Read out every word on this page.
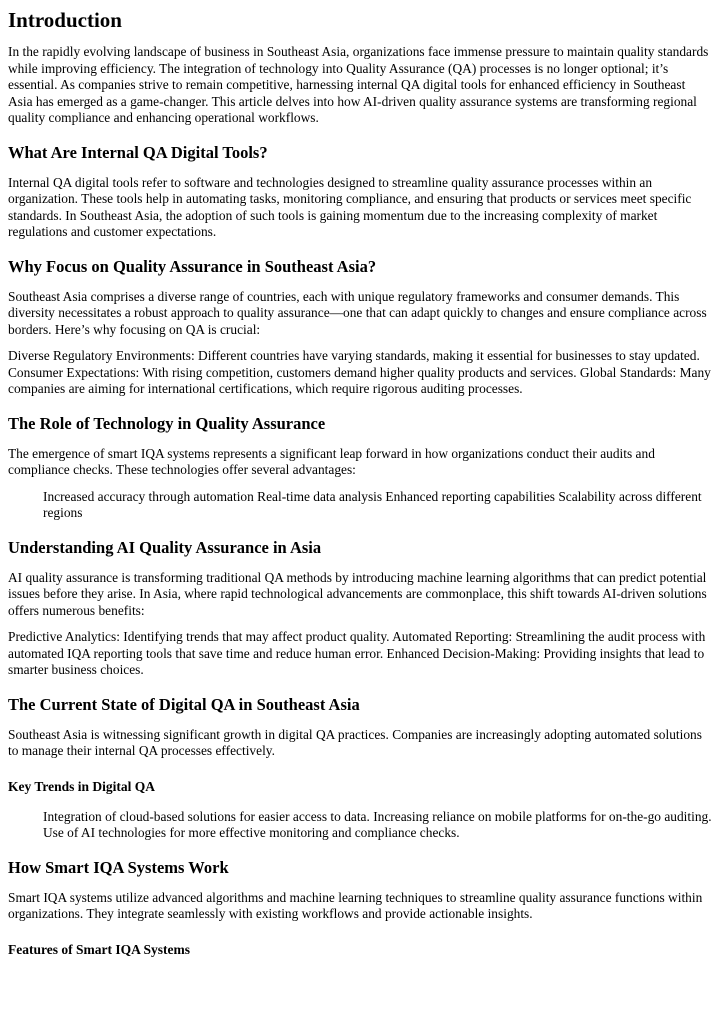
Introduction

In the rapidly evolving landscape of business in Southeast Asia, organizations face immense pressure to maintain quality standards while improving efficiency. The integration of technology into Quality Assurance (QA) processes is no longer optional; it’s essential. As companies strive to remain competitive, harnessing internal QA digital tools for enhanced efficiency in Southeast Asia has emerged as a game-changer. This article delves into how AI-driven quality assurance systems are transforming regional quality compliance and enhancing operational workflows.

What Are Internal QA Digital Tools?

Internal QA digital tools refer to software and technologies designed to streamline quality assurance processes within an organization. These tools help in automating tasks, monitoring compliance, and ensuring that products or services meet specific standards. In Southeast Asia, the adoption of such tools is gaining momentum due to the increasing complexity of market regulations and customer expectations.

Why Focus on Quality Assurance in Southeast Asia?

Southeast Asia comprises a diverse range of countries, each with unique regulatory frameworks and consumer demands. This diversity necessitates a robust approach to quality assurance—one that can adapt quickly to changes and ensure compliance across borders. Here’s why focusing on QA is crucial:

Diverse Regulatory Environments: Different countries have varying standards, making it essential for businesses to stay updated. Consumer Expectations: With rising competition, customers demand higher quality products and services. Global Standards: Many companies are aiming for international certifications, which require rigorous auditing processes.

The Role of Technology in Quality Assurance

The emergence of smart IQA systems represents a significant leap forward in how organizations conduct their audits and compliance checks. These technologies offer several advantages:

Increased accuracy through automation Real-time data analysis Enhanced reporting capabilities Scalability across different regions
Understanding AI Quality Assurance in Asia

AI quality assurance is transforming traditional QA methods by introducing machine learning algorithms that can predict potential issues before they arise. In Asia, where rapid technological advancements are commonplace, this shift towards AI-driven solutions offers numerous benefits:

Predictive Analytics: Identifying trends that may affect product quality. Automated Reporting: Streamlining the audit process with automated IQA reporting tools that save time and reduce human error. Enhanced Decision-Making: Providing insights that lead to smarter business choices.

The Current State of Digital QA in Southeast Asia

Southeast Asia is witnessing significant growth in digital QA practices. Companies are increasingly adopting automated solutions to manage their internal QA processes effectively.

Key Trends in Digital QA
Integration of cloud-based solutions for easier access to data. Increasing reliance on mobile platforms for on-the-go auditing. Use of AI technologies for more effective monitoring and compliance checks.
How Smart IQA Systems Work

Smart IQA systems utilize advanced algorithms and machine learning techniques to streamline quality assurance functions within organizations. They integrate seamlessly with existing workflows and provide actionable insights.

Features of Smart IQA Systems
